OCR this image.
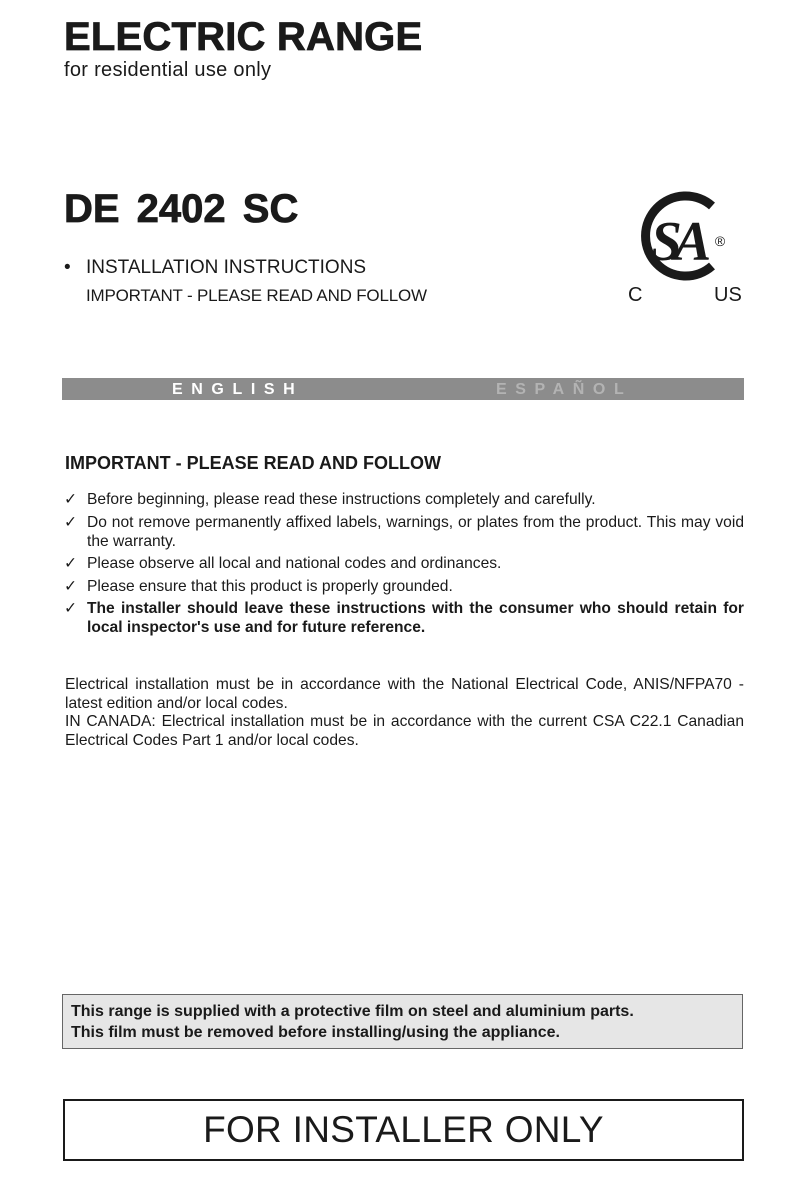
ELECTRIC RANGE
for residential use only
DE 2402 SC
• INSTALLATION INSTRUCTIONS
IMPORTANT - PLEASE READ AND FOLLOW
SA ®
C	US
ENGLISH	ESPAÑOL
IMPORTANT - PLEASE READ AND FOLLOW
✓ Before beginning, please read these instructions completely and carefully.
✓ Do not remove permanently affixed labels, warnings, or plates from the product. This may void the warranty.
✓ Please observe all local and national codes and ordinances.
✓ Please ensure that this product is properly grounded.
✓ The installer should leave these instructions with the consumer who should retain for local inspector's use and for future reference.

Electrical installation must be in accordance with the National Electrical Code, ANIS/NFPA70 - latest edition and/or local codes.

IN CANADA: Electrical installation must be in accordance with the current CSA C22.1 Canadian Electrical Codes Part 1 and/or local codes.

This range is supplied with a protective film on steel and aluminium parts.
This film must be removed before installing/using the appliance.
FOR INSTALLER ONLY
